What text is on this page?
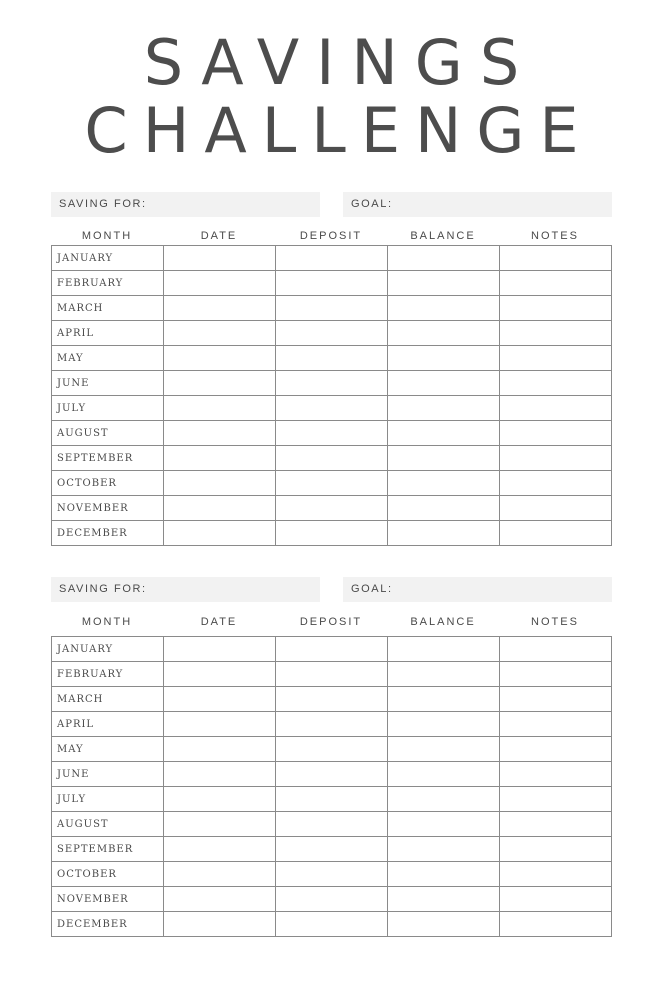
SAVINGS
CHALLENGE
SAVING FOR:	GOAL:
MONTH	DATE	DEPOSIT	BALANCE	NOTES
JANUARY				
FEBRUARY				
MARCH				
APRIL				
MAY				
JUNE				
JULY				
AUGUST				
SEPTEMBER				
OCTOBER				
NOVEMBER				
DECEMBER				
SAVING FOR:	GOAL:
MONTH	DATE	DEPOSIT	BALANCE	NOTES
JANUARY				
FEBRUARY				
MARCH				
APRIL				
MAY				
JUNE				
JULY				
AUGUST				
SEPTEMBER				
OCTOBER				
NOVEMBER				
DECEMBER				
